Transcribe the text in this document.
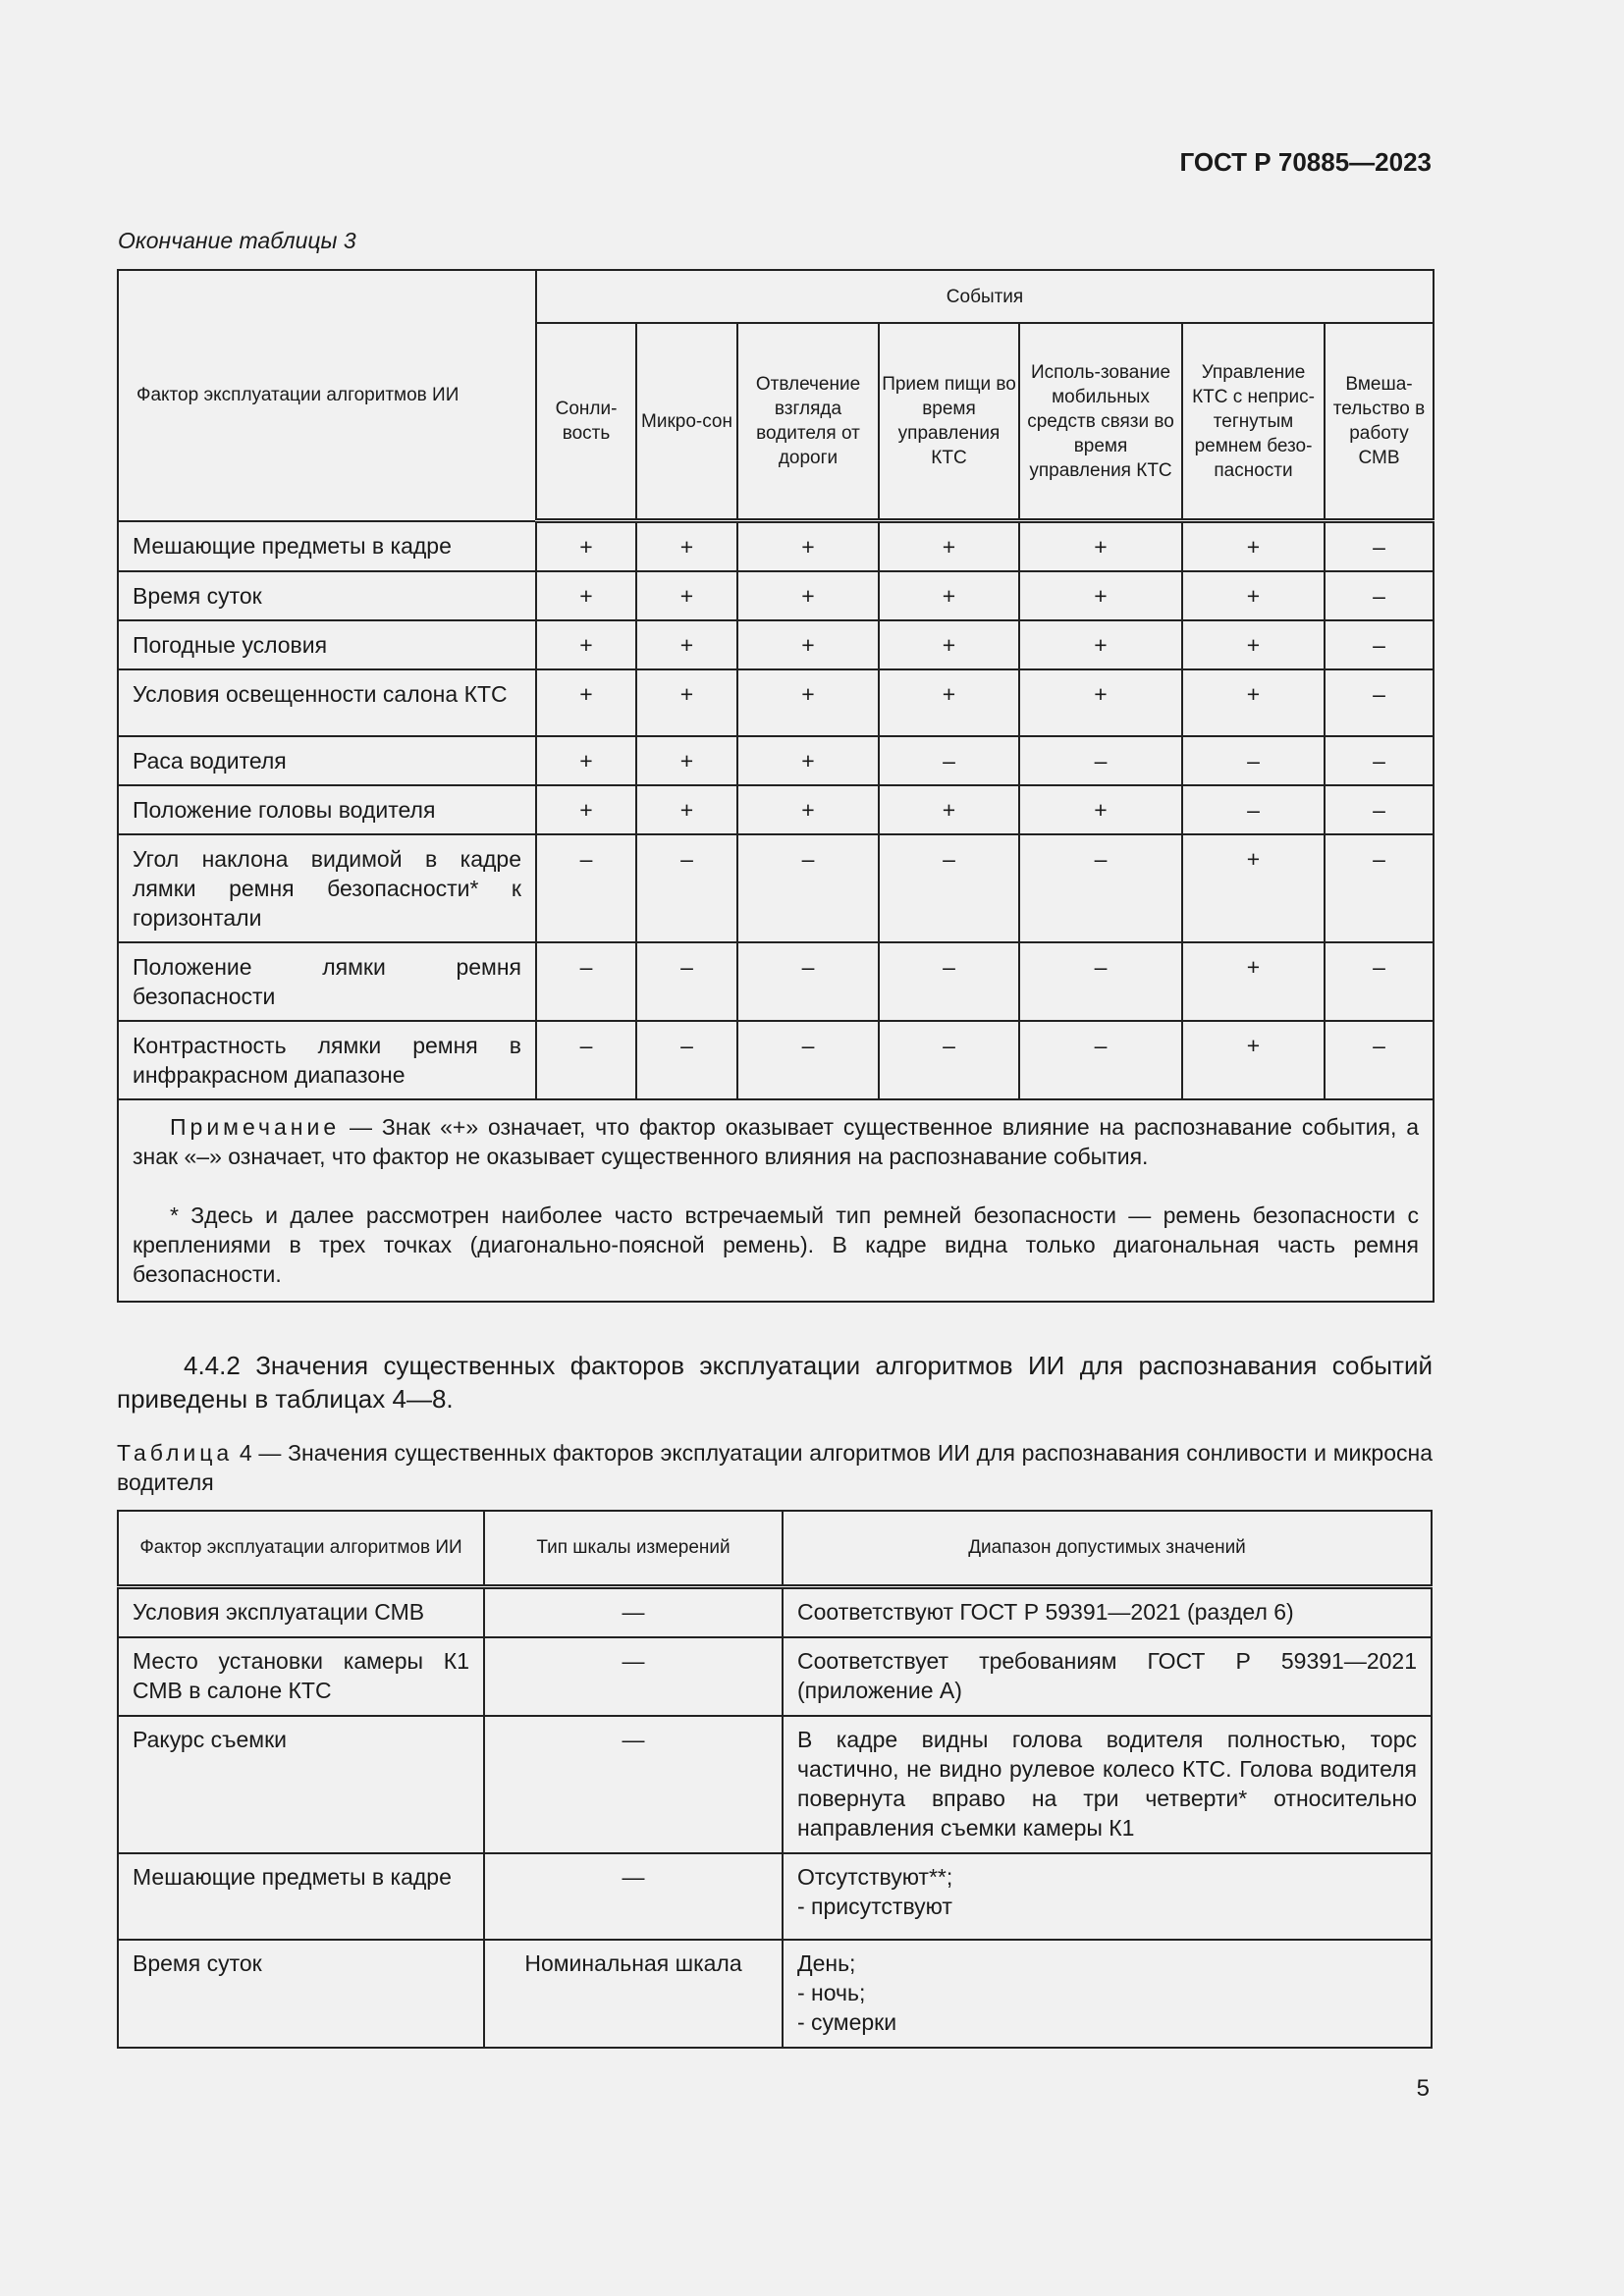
ГОСТ Р 70885—2023
Окончание таблицы 3
Фактор эксплуатации алгоритмов ИИ	События						
	Сонли-вость	Микро-сон	Отвлечение взгляда водителя от дороги	Прием пищи во время управления КТС	Исполь-зование мобильных средств связи во время управления КТС	Управление КТС с неприс-тегнутым ремнем безо-пасности	Вмеша-тельство в работу СМВ
Мешающие предметы в кадре	+	+	+	+	+	+	–
Время суток	+	+	+	+	+	+	–
Погодные условия	+	+	+	+	+	+	–
Условия освещенности салона КТС	+	+	+	+	+	+	–
Раса водителя	+	+	+	–	–	–	–
Положение головы водителя	+	+	+	+	+	–	–
Угол наклона видимой в кадре лямки ремня безопасности* к горизонтали	–	–	–	–	–	+	–
Положение лямки ремня безопасности	–	–	–	–	–	+	–
Контрастность лямки ремня в инфракрасном диапазоне	–	–	–	–	–	+	–

Примечание — Знак «+» означает, что фактор оказывает существенное влияние на распознавание события, а знак «–» означает, что фактор не оказывает существенного влияния на распознавание события.

* Здесь и далее рассмотрен наиболее часто встречаемый тип ремней безопасности — ремень безопасности с креплениями в трех точках (диагонально-поясной ремень). В кадре видна только диагональная часть ремня безопасности.							

4.4.2 Значения существенных факторов эксплуатации алгоритмов ИИ для распознавания событий приведены в таблицах 4—8.

Таблица 4 — Значения существенных факторов эксплуатации алгоритмов ИИ для распознавания сонливости и микросна водителя

Фактор эксплуатации алгоритмов ИИ	Тип шкалы измерений	Диапазон допустимых значений
Условия эксплуатации СМВ	—	Соответствуют ГОСТ Р 59391—2021 (раздел 6)

Место установки камеры К1 СМВ в салоне КТС	—	Соответствует требованиям ГОСТ Р 59391—2021 (приложение А)

Ракурс съемки	—	В кадре видны голова водителя полностью, торс частично, не видно рулевое колесо КТС. Голова водителя повернута вправо на три четверти* относительно направления съемки камеры К1

Мешающие предметы в кадре	—	Отсутствуют**;
- присутствуют

Время суток	Номинальная шкала	День;
- ночь;
- сумерки
5
